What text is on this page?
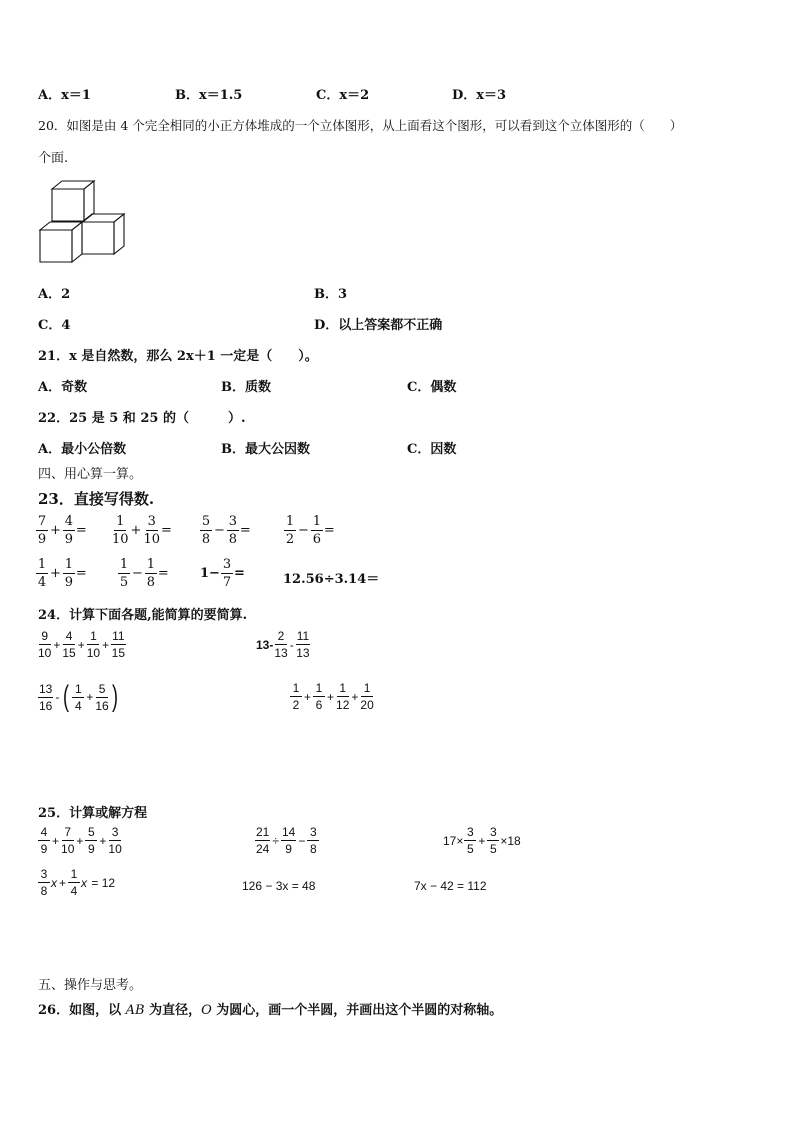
A．x＝1	B．x＝1.5	C．x＝2	D．x＝3
20．如图是由 4 个完全相同的小正方体堆成的一个立体图形，从上面看这个图形，可以看到这个立体图形的（　　）
个面.
A．2	B．3
C．4	D．以上答案都不正确
21．x 是自然数，那么 2x＋1 一定是（　　）。
A．奇数	B．质数	C．偶数
22．25 是 5 和 25 的（　　　）.
A．最小公倍数	B．最大公因数	C．因数
四、用心算一算。
23．直接写得数.
$\frac{7}{9} + \frac{4}{9} = \frac{1}{10} + \frac{3}{10} = \frac{5}{8} - \frac{3}{8}$ =	$\frac{1}{2} - \frac{1}{6}$ =
$\frac{1}{4} + \frac{1}{9} = \frac{1}{5} - \frac{1}{8} = 1- \frac{3}{7}$ =	12.56÷3.14＝
24．计算下面各题,能简算的要简算.
$\frac{9}{10} + \frac{4}{15} + \frac{1}{10} + \frac{11}{15}$	$13- \frac{2}{13} - \frac{11}{13}$
$\frac{13}{16}$ - ( $\frac{1}{4} + \frac{5}{16}$ )	$\frac{1}{2} + \frac{1}{6} + \frac{1}{12} + \frac{1}{20}$
25．计算或解方程
$\frac{4}{9} + \frac{7}{10} + \frac{5}{9} + \frac{3}{10}$	$\frac{21}{24} \div \frac{14}{9} - \frac{3}{8}$	$17\times \frac{3}{5} + \frac{3}{5} \times 18$
$\frac{3}{8}$ $x + \frac{1}{4}$ x = 12	126 − 3x = 48	7x − 42 = 112
五、操作与思考。
26．如图，以 AB 为直径，O 为圆心，画一个半圆，并画出这个半圆的对称轴。
